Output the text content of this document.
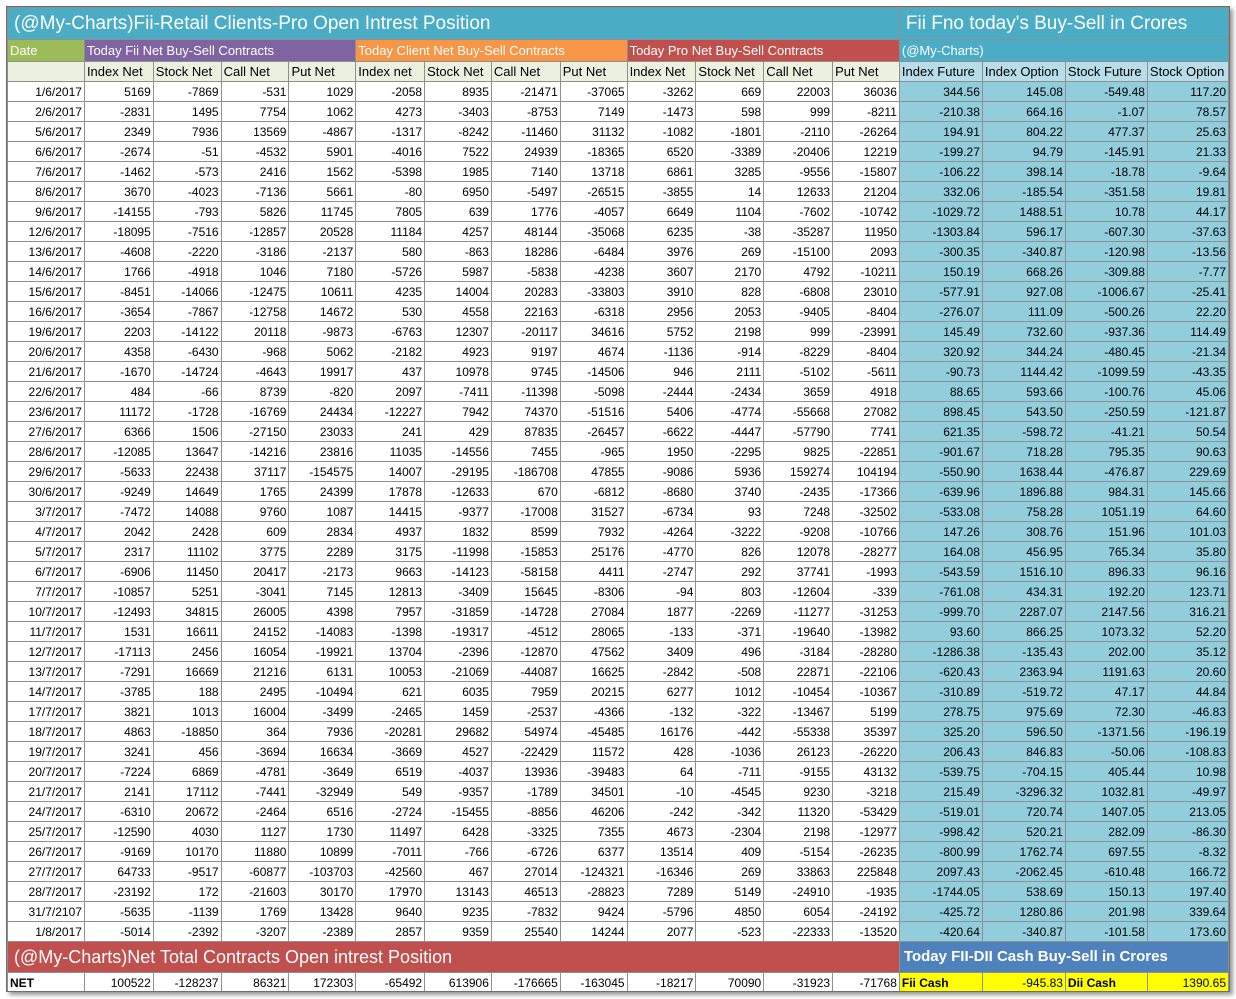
(@My-Charts)Fii-Retail Clients-Pro Open Intrest Position													Fii Fno today's Buy-Sell in Crores			
Date	Today Fii Net Buy-Sell Contracts				Today Client Net Buy-Sell Contracts				Today Pro Net Buy-Sell Contracts				(@My-Charts)			
	Index Net	Stock Net	Call Net	Put Net	Index net	Stock Net	Call Net	Put Net	Index Net	Stock Net	Call Net	Put Net	Index Future	Index Option	Stock Future	Stock Option
1/6/2017	5169	-7869	-531	1029	-2058	8935	-21471	-37065	-3262	669	22003	36036	344.56	145.08	-549.48	117.20
2/6/2017	-2831	1495	7754	1062	4273	-3403	-8753	7149	-1473	598	999	-8211	-210.38	664.16	-1.07	78.57
5/6/2017	2349	7936	13569	-4867	-1317	-8242	-11460	31132	-1082	-1801	-2110	-26264	194.91	804.22	477.37	25.63
6/6/2017	-2674	-51	-4532	5901	-4016	7522	24939	-18365	6520	-3389	-20406	12219	-199.27	94.79	-145.91	21.33
7/6/2017	-1462	-573	2416	1562	-5398	1985	7140	13718	6861	3285	-9556	-15807	-106.22	398.14	-18.78	-9.64
8/6/2017	3670	-4023	-7136	5661	-80	6950	-5497	-26515	-3855	14	12633	21204	332.06	-185.54	-351.58	19.81
9/6/2017	-14155	-793	5826	11745	7805	639	1776	-4057	6649	1104	-7602	-10742	-1029.72	1488.51	10.78	44.17
12/6/2017	-18095	-7516	-12857	20528	11184	4257	48144	-35068	6235	-38	-35287	11950	-1303.84	596.17	-607.30	-37.63
13/6/2017	-4608	-2220	-3186	-2137	580	-863	18286	-6484	3976	269	-15100	2093	-300.35	-340.87	-120.98	-13.56
14/6/2017	1766	-4918	1046	7180	-5726	5987	-5838	-4238	3607	2170	4792	-10211	150.19	668.26	-309.88	-7.77
15/6/2017	-8451	-14066	-12475	10611	4235	14004	20283	-33803	3910	828	-6808	23010	-577.91	927.08	-1006.67	-25.41
16/6/2017	-3654	-7867	-12758	14672	530	4558	22163	-6318	2956	2053	-9405	-8404	-276.07	111.09	-500.26	22.20
19/6/2017	2203	-14122	20118	-9873	-6763	12307	-20117	34616	5752	2198	999	-23991	145.49	732.60	-937.36	114.49
20/6/2017	4358	-6430	-968	5062	-2182	4923	9197	4674	-1136	-914	-8229	-8404	320.92	344.24	-480.45	-21.34
21/6/2017	-1670	-14724	-4643	19917	437	10978	9745	-14506	946	2111	-5102	-5611	-90.73	1144.42	-1099.59	-43.35
22/6/2017	484	-66	8739	-820	2097	-7411	-11398	-5098	-2444	-2434	3659	4918	88.65	593.66	-100.76	45.06
23/6/2017	11172	-1728	-16769	24434	-12227	7942	74370	-51516	5406	-4774	-55668	27082	898.45	543.50	-250.59	-121.87
27/6/2017	6366	1506	-27150	23033	241	429	87835	-26457	-6622	-4447	-57790	7741	621.35	-598.72	-41.21	50.54
28/6/2017	-12085	13647	-14216	23816	11035	-14556	7455	-965	1950	-2295	9825	-22851	-901.67	718.28	795.35	90.63
29/6/2017	-5633	22438	37117	-154575	14007	-29195	-186708	47855	-9086	5936	159274	104194	-550.90	1638.44	-476.87	229.69
30/6/2017	-9249	14649	1765	24399	17878	-12633	670	-6812	-8680	3740	-2435	-17366	-639.96	1896.88	984.31	145.66
3/7/2017	-7472	14088	9760	1087	14415	-9377	-17008	31527	-6734	93	7248	-32502	-533.08	758.28	1051.19	64.60
4/7/2017	2042	2428	609	2834	4937	1832	8599	7932	-4264	-3222	-9208	-10766	147.26	308.76	151.96	101.03
5/7/2017	2317	11102	3775	2289	3175	-11998	-15853	25176	-4770	826	12078	-28277	164.08	456.95	765.34	35.80
6/7/2017	-6906	11450	20417	-2173	9663	-14123	-58158	4411	-2747	292	37741	-1993	-543.59	1516.10	896.33	96.16
7/7/2017	-10857	5251	-3041	7145	12813	-3409	15645	-8306	-94	803	-12604	-339	-761.08	434.31	192.20	123.71
10/7/2017	-12493	34815	26005	4398	7957	-31859	-14728	27084	1877	-2269	-11277	-31253	-999.70	2287.07	2147.56	316.21
11/7/2017	1531	16611	24152	-14083	-1398	-19317	-4512	28065	-133	-371	-19640	-13982	93.60	866.25	1073.32	52.20
12/7/2017	-17113	2456	16054	-19921	13704	-2396	-12870	47562	3409	496	-3184	-28280	-1286.38	-135.43	202.00	35.12
13/7/2017	-7291	16669	21216	6131	10053	-21069	-44087	16625	-2842	-508	22871	-22106	-620.43	2363.94	1191.63	20.60
14/7/2017	-3785	188	2495	-10494	621	6035	7959	20215	6277	1012	-10454	-10367	-310.89	-519.72	47.17	44.84
17/7/2017	3821	1013	16004	-3499	-2465	1459	-2537	-4366	-132	-322	-13467	5199	278.75	975.69	72.30	-46.83
18/7/2017	4863	-18850	364	7936	-20281	29682	54974	-45485	16176	-442	-55338	35397	325.20	596.50	-1371.56	-196.19
19/7/2017	3241	456	-3694	16634	-3669	4527	-22429	11572	428	-1036	26123	-26220	206.43	846.83	-50.06	-108.83
20/7/2017	-7224	6869	-4781	-3649	6519	-4037	13936	-39483	64	-711	-9155	43132	-539.75	-704.15	405.44	10.98
21/7/2017	2141	17112	-7441	-32949	549	-9357	-1789	34501	-10	-4545	9230	-3218	215.49	-3296.32	1032.81	-49.97
24/7/2017	-6310	20672	-2464	6516	-2724	-15455	-8856	46206	-242	-342	11320	-53429	-519.01	720.74	1407.05	213.05
25/7/2017	-12590	4030	1127	1730	11497	6428	-3325	7355	4673	-2304	2198	-12977	-998.42	520.21	282.09	-86.30
26/7/2017	-9169	10170	11880	10899	-7011	-766	-6726	6377	13514	409	-5154	-26235	-800.99	1762.74	697.55	-8.32
27/7/2017	64733	-9517	-60877	-103703	-42560	467	27014	-124321	-16346	269	33863	225848	2097.43	-2062.45	-610.48	166.72
28/7/2017	-23192	172	-21603	30170	17970	13143	46513	-28823	7289	5149	-24910	-1935	-1744.05	538.69	150.13	197.40
31/7/2107	-5635	-1139	1769	13428	9640	9235	-7832	9424	-5796	4850	6054	-24192	-425.72	1280.86	201.98	339.64
1/8/2017	-5014	-2392	-3207	-2389	2857	9359	25540	14244	2077	-523	-22333	-13520	-420.64	-340.87	-101.58	173.60
(@My-Charts)Net Total Contracts Open intrest Position													Today FII-DII Cash Buy-Sell in Crores			
NET	100522	-128237	86321	172303	-65492	613906	-176665	-163045	-18217	70090	-31923	-71768	Fii Cash	-945.83	Dii Cash	1390.65
